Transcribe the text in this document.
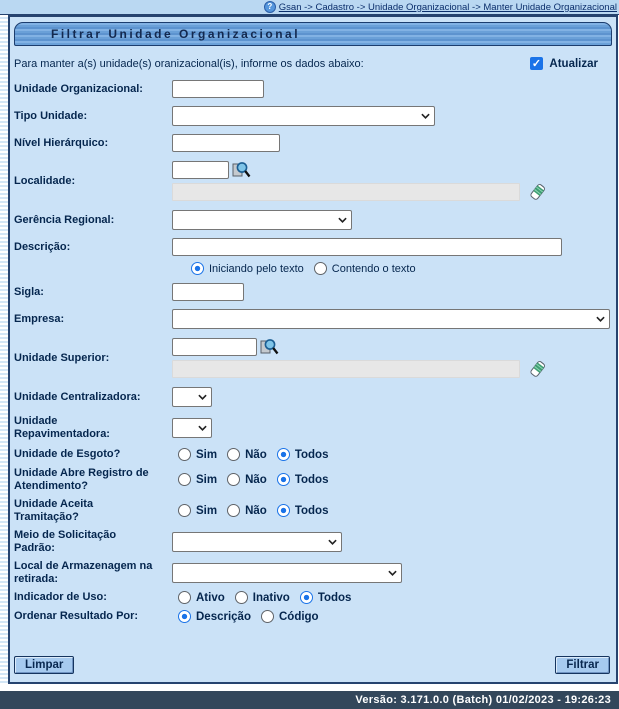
? Gsan -> Cadastro -> Unidade Organizacional -> Manter Unidade Organizacional
Filtrar Unidade Organizacional
Para manter a(s) unidade(s) oranizacional(is), informe os dados abaixo: ✓	Atualizar
Unidade Organizacional:
Tipo Unidade:
Nível Hierárquico:
Localidade:
Gerência Regional:
Descrição:
Iniciando pelo texto	Contendo o texto
Sigla:
Empresa:
Unidade Superior:
Unidade Centralizadora:
Unidade Repavimentadora:
Unidade de Esgoto?	Sim Não Todos
Unidade Abre Registro de Atendimento?	Sim Não Todos
Unidade Aceita Tramitação?	Sim Não Todos
Meio de Solicitação Padrão:
Local de Armazenagem na retirada:
Indicador de Uso:	Ativo Inativo Todos
Ordenar Resultado Por:	Descrição Código
Limpar	Filtrar
Versão: 3.171.0.0 (Batch) 01/02/2023 - 19:26:23
